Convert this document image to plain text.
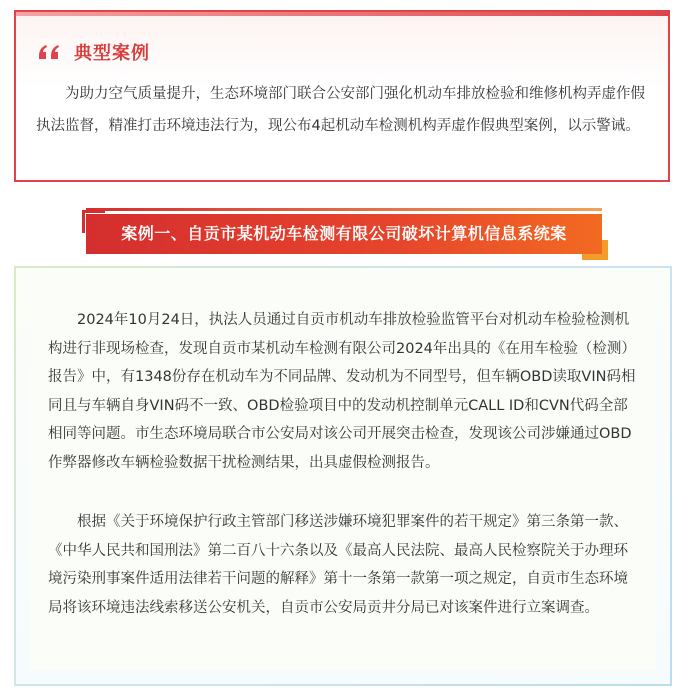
典型案例

为助力空气质量提升，生态环境部门联合公安部门强化机动车排放检验和维修机构弄虚作假执法监督，精准打击环境违法行为，现公布4起机动车检测机构弄虚作假典型案例，以示警诫。

案例一、自贡市某机动车检测有限公司破坏计算机信息系统案

2024年10月24日，执法人员通过自贡市机动车排放检验监管平台对机动车检验检测机构进行非现场检查，发现自贡市某机动车检测有限公司2024年出具的《在用车检验（检测）报告》中，有1348份存在机动车为不同品牌、发动机为不同型号，但车辆OBD读取VIN码相同且与车辆自身VIN码不一致、OBD检验项目中的发动机控制单元CALL ID和CVN代码全部相同等问题。市生态环境局联合市公安局对该公司开展突击检查，发现该公司涉嫌通过OBD作弊器修改车辆检验数据干扰检测结果，出具虚假检测报告。

根据《关于环境保护行政主管部门移送涉嫌环境犯罪案件的若干规定》第三条第一款、《中华人民共和国刑法》第二百八十六条以及《最高人民法院、最高人民检察院关于办理环境污染刑事案件适用法律若干问题的解释》第十一条第一款第一项之规定，自贡市生态环境局将该环境违法线索移送公安机关，自贡市公安局贡井分局已对该案件进行立案调查。
